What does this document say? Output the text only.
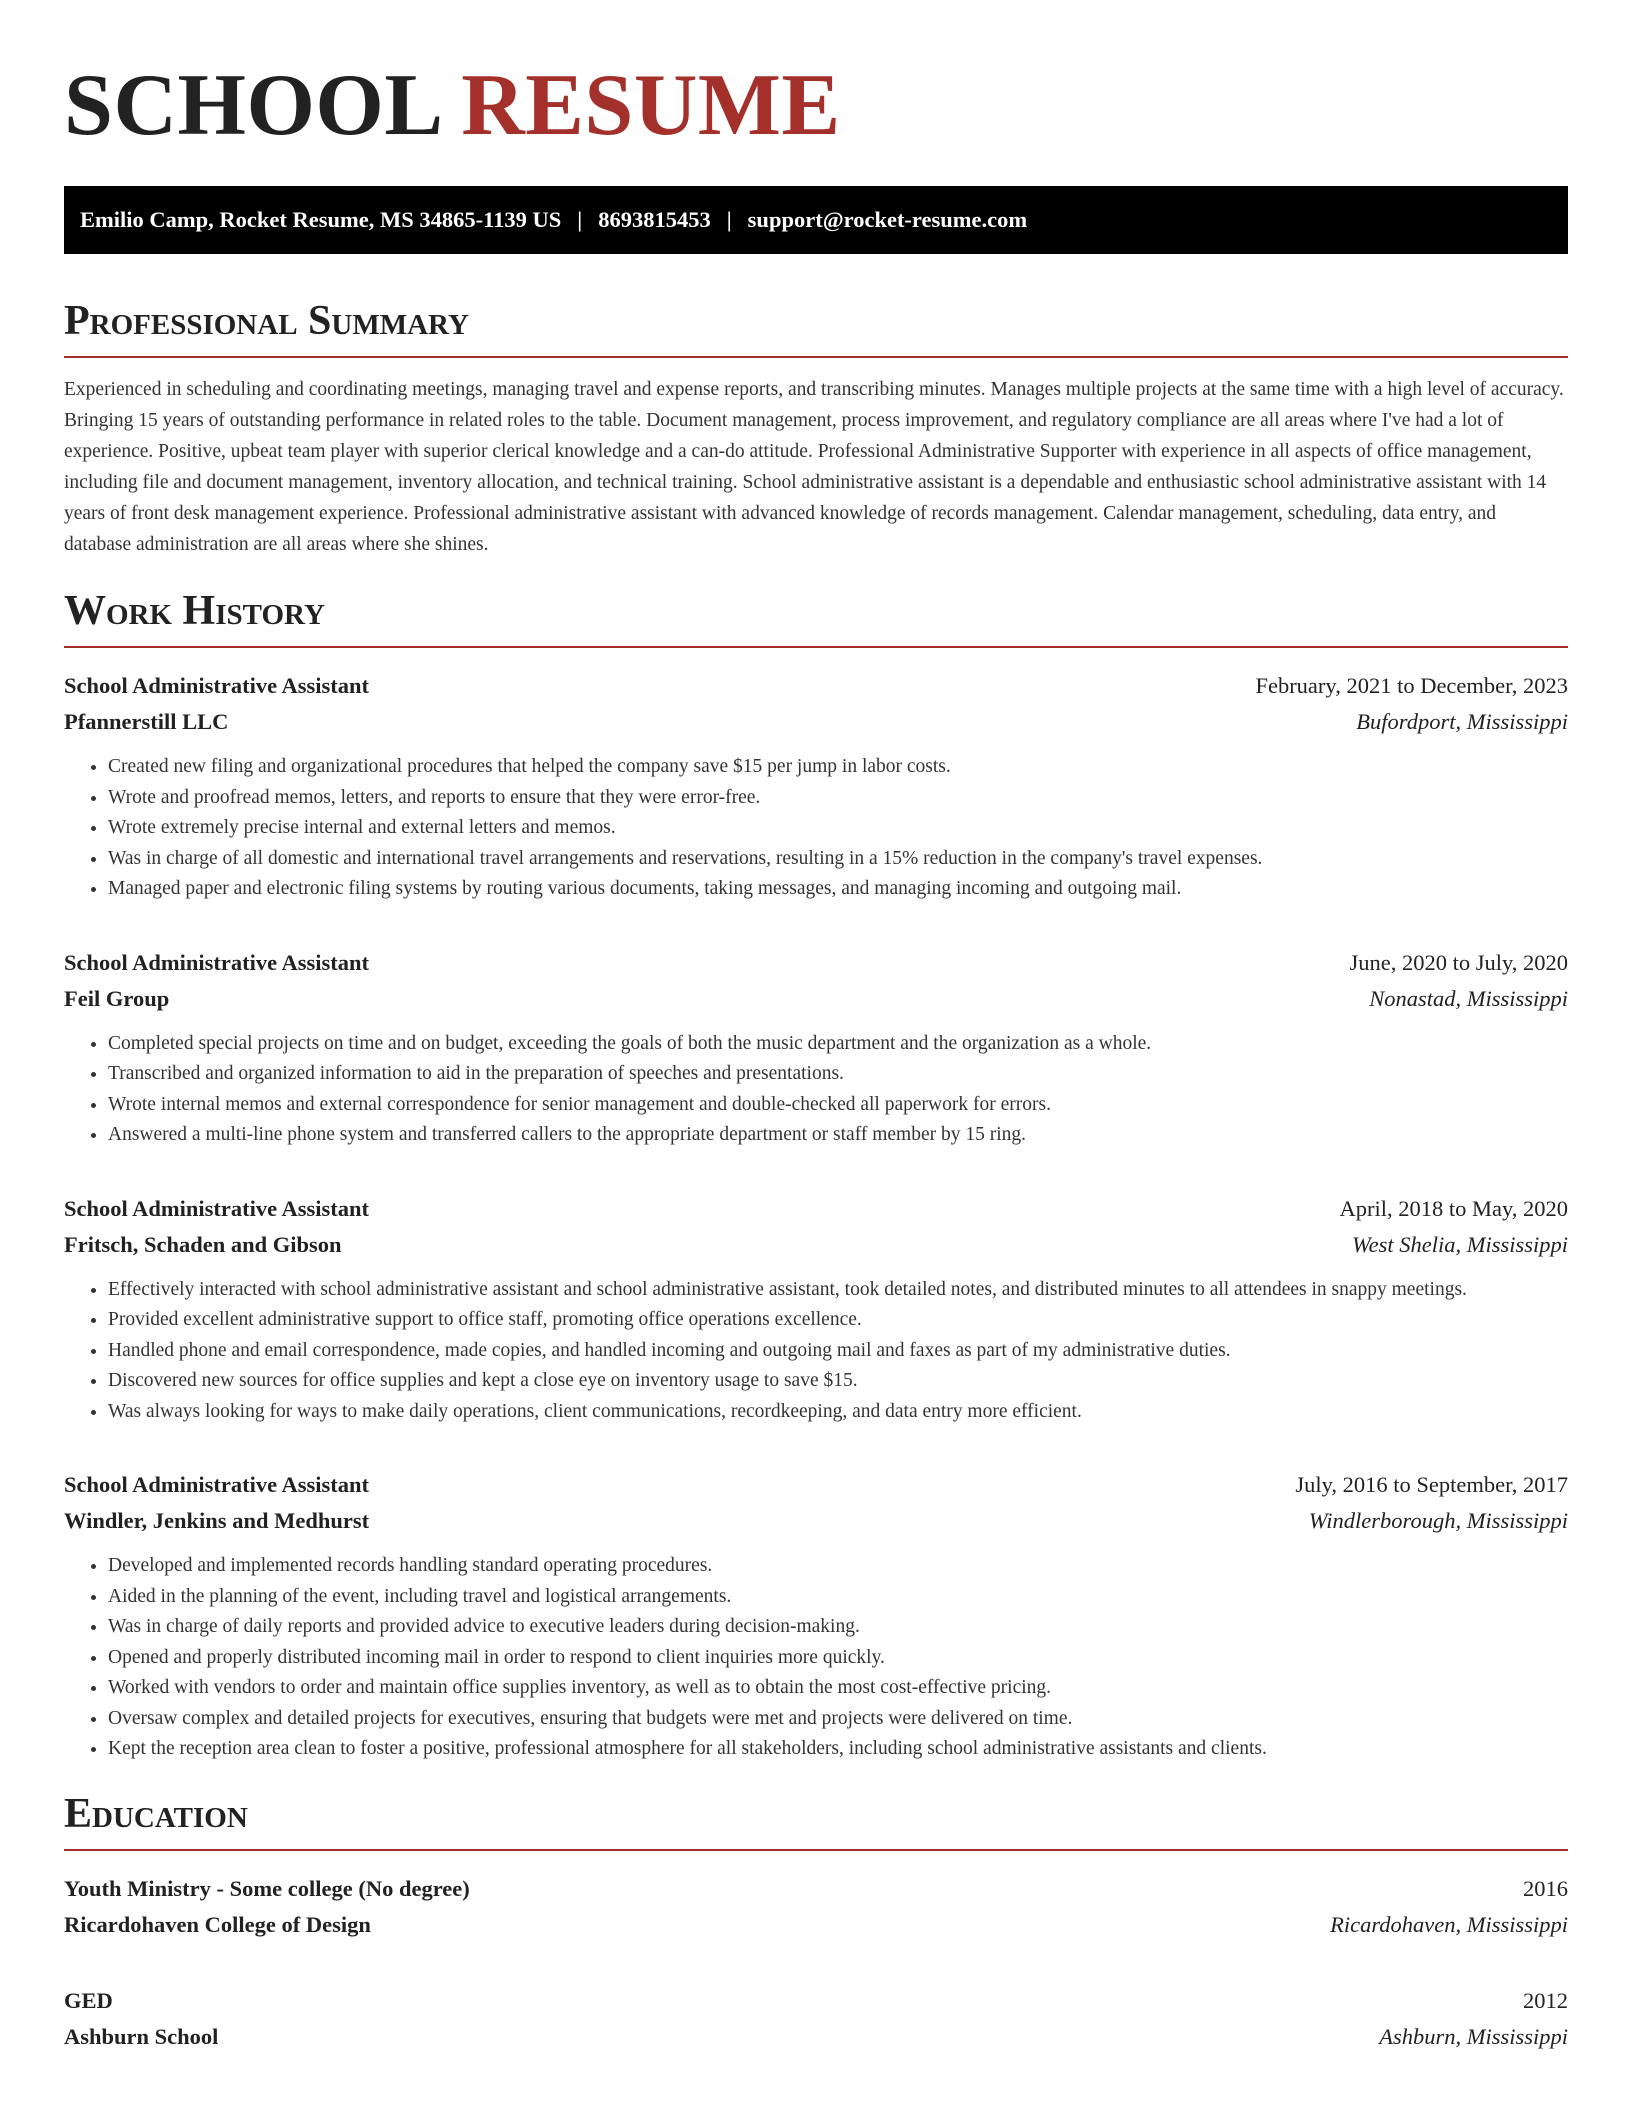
SCHOOL RESUME
Emilio Camp, Rocket Resume, MS 34865-1139 US | 8693815453 | support@rocket-resume.com
Professional Summary
Experienced in scheduling and coordinating meetings, managing travel and expense reports, and transcribing minutes. Manages multiple projects at the same time with a high level of accuracy. Bringing 15 years of outstanding performance in related roles to the table. Document management, process improvement, and regulatory compliance are all areas where I've had a lot of experience. Positive, upbeat team player with superior clerical knowledge and a can-do attitude. Professional Administrative Supporter with experience in all aspects of office management, including file and document management, inventory allocation, and technical training. School administrative assistant is a dependable and enthusiastic school administrative assistant with 14 years of front desk management experience. Professional administrative assistant with advanced knowledge of records management. Calendar management, scheduling, data entry, and database administration are all areas where she shines.
Work History
School Administrative Assistant	February, 2021 to December, 2023
Pfannerstill LLC	Bufordport, Mississippi
• Created new filing and organizational procedures that helped the company save $15 per jump in labor costs.
• Wrote and proofread memos, letters, and reports to ensure that they were error-free.
• Wrote extremely precise internal and external letters and memos.
• Was in charge of all domestic and international travel arrangements and reservations, resulting in a 15% reduction in the company's travel expenses.
• Managed paper and electronic filing systems by routing various documents, taking messages, and managing incoming and outgoing mail.
School Administrative Assistant	June, 2020 to July, 2020
Feil Group	Nonastad, Mississippi
• Completed special projects on time and on budget, exceeding the goals of both the music department and the organization as a whole.
• Transcribed and organized information to aid in the preparation of speeches and presentations.
• Wrote internal memos and external correspondence for senior management and double-checked all paperwork for errors.
• Answered a multi-line phone system and transferred callers to the appropriate department or staff member by 15 ring.
School Administrative Assistant	April, 2018 to May, 2020
Fritsch, Schaden and Gibson	West Shelia, Mississippi
• Effectively interacted with school administrative assistant and school administrative assistant, took detailed notes, and distributed minutes to all attendees in snappy meetings.
• Provided excellent administrative support to office staff, promoting office operations excellence.
• Handled phone and email correspondence, made copies, and handled incoming and outgoing mail and faxes as part of my administrative duties.
• Discovered new sources for office supplies and kept a close eye on inventory usage to save $15.
• Was always looking for ways to make daily operations, client communications, recordkeeping, and data entry more efficient.
School Administrative Assistant	July, 2016 to September, 2017
Windler, Jenkins and Medhurst	Windlerborough, Mississippi
• Developed and implemented records handling standard operating procedures.
• Aided in the planning of the event, including travel and logistical arrangements.
• Was in charge of daily reports and provided advice to executive leaders during decision-making.
• Opened and properly distributed incoming mail in order to respond to client inquiries more quickly.
• Worked with vendors to order and maintain office supplies inventory, as well as to obtain the most cost-effective pricing.
• Oversaw complex and detailed projects for executives, ensuring that budgets were met and projects were delivered on time.
• Kept the reception area clean to foster a positive, professional atmosphere for all stakeholders, including school administrative assistants and clients.
Education
Youth Ministry - Some college (No degree)	2016
Ricardohaven College of Design	Ricardohaven, Mississippi
GED	2012
Ashburn School	Ashburn, Mississippi
